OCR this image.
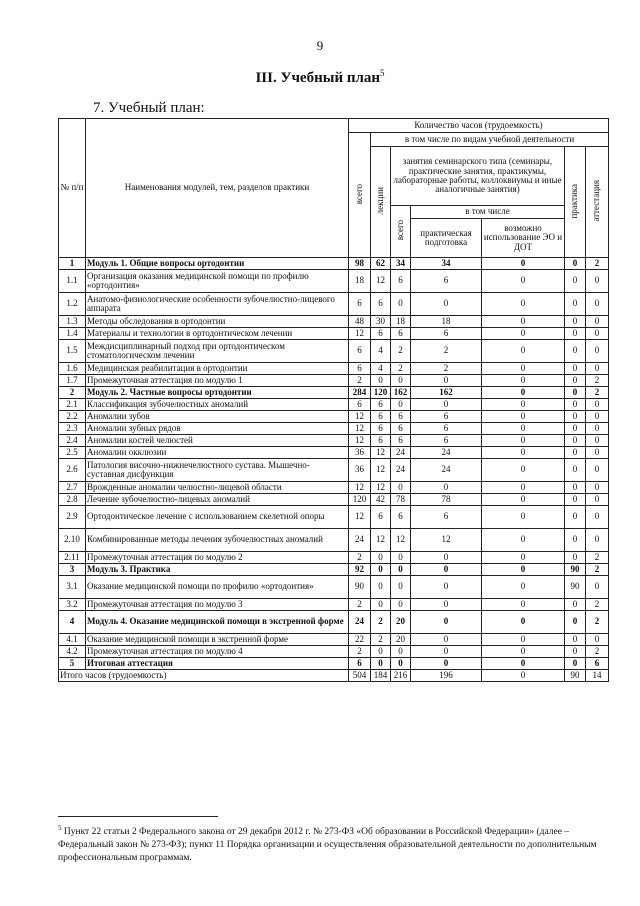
9
III. Учебный план$^5$
7. Учебный план:
№ п/п	Наименования модулей, тем, разделов практики	Количество часов (трудоемкость)						
		всего	в том числе по видам учебной деятельности					
			лекции	занятия семинарского типа (семинары, практические занятия, практикумы, лабораторные работы, коллоквиумы и иные аналогичные занятия)			практика	аттестация
				всего	в том числе			
					практическая подготовка	возможно использование ЭО и ДОТ		
1	Модуль 1. Общие вопросы ортодонтии	98	62	34	34	0	0	2
1.1	Организация оказания медицинской помощи по профилю «ортодонтия»	18	12	6	6	0	0	0
1.2	Анатомо-физиологические особенности зубочелюстно-лицевого аппарата	6	6	0	0	0	0	0
1.3	Методы обследования в ортодонтии	48	30	18	18	0	0	0
1.4	Материалы и технологии в ортодонтическом лечении	12	6	6	6	0	0	0
1.5	Междисциплинарный подход при ортодонтическом стоматологическом лечении	6	4	2	2	0	0	0
1.6	Медицинская реабилитация в ортодонтии	6	4	2	2	0	0	0
1.7	Промежуточная аттестация по модулю 1	2	0	0	0	0	0	2
2	Модуль 2. Частные вопросы ортодонтии	284	120	162	162	0	0	2
2.1	Классификация зубочелюстных аномалий	6	6	0	0	0	0	0
2.2	Аномалии зубов	12	6	6	6	0	0	0
2.3	Аномалии зубных рядов	12	6	6	6	0	0	0
2.4	Аномалии костей челюстей	12	6	6	6	0	0	0
2.5	Аномалии окклюзии	36	12	24	24	0	0	0
2.6	Патология височно-нижнечелюстного сустава. Мышечно-суставная дисфункция	36	12	24	24	0	0	0
2.7	Врожденные аномалии челюстно-лицевой области	12	12	0	0	0	0	0
2.8	Лечение зубочелюстно-лицевых аномалий	120	42	78	78	0	0	0
2.9	Ортодонтическое лечение с использованием скелетной опоры	12	6	6	6	0	0	0
2.10	Комбинированные методы лечения зубочелюстных аномалий	24	12	12	12	0	0	0
2.11	Промежуточная аттестация по модулю 2	2	0	0	0	0	0	2
3	Модуль 3. Практика	92	0	0	0	0	90	2
3.1	Оказание медицинской помощи по профилю «ортодонтия»	90	0	0	0	0	90	0
3.2	Промежуточная аттестация по модулю 3	2	0	0	0	0	0	2
4	Модуль 4. Оказание медицинской помощи в экстренной форме	24	2	20	0	0	0	2
4.1	Оказание медицинской помощи в экстренной форме	22	2	20	0	0	0	0
4.2	Промежуточная аттестация по модулю 4	2	0	0	0	0	0	2
5	Итоговая аттестация	6	0	0	0	0	0	6
Итого часов (трудоемкость)		504	184	216	196	0	90	14
$^5$ Пункт 22 статьи 2 Федерального закона от 29 декабря 2012 г. № 273-ФЗ «Об образовании в Российской Федерации» (далее – Федеральный закон № 273-ФЗ); пункт 11 Порядка организации и осуществления образовательной деятельности по дополнительным профессиональным программам.
